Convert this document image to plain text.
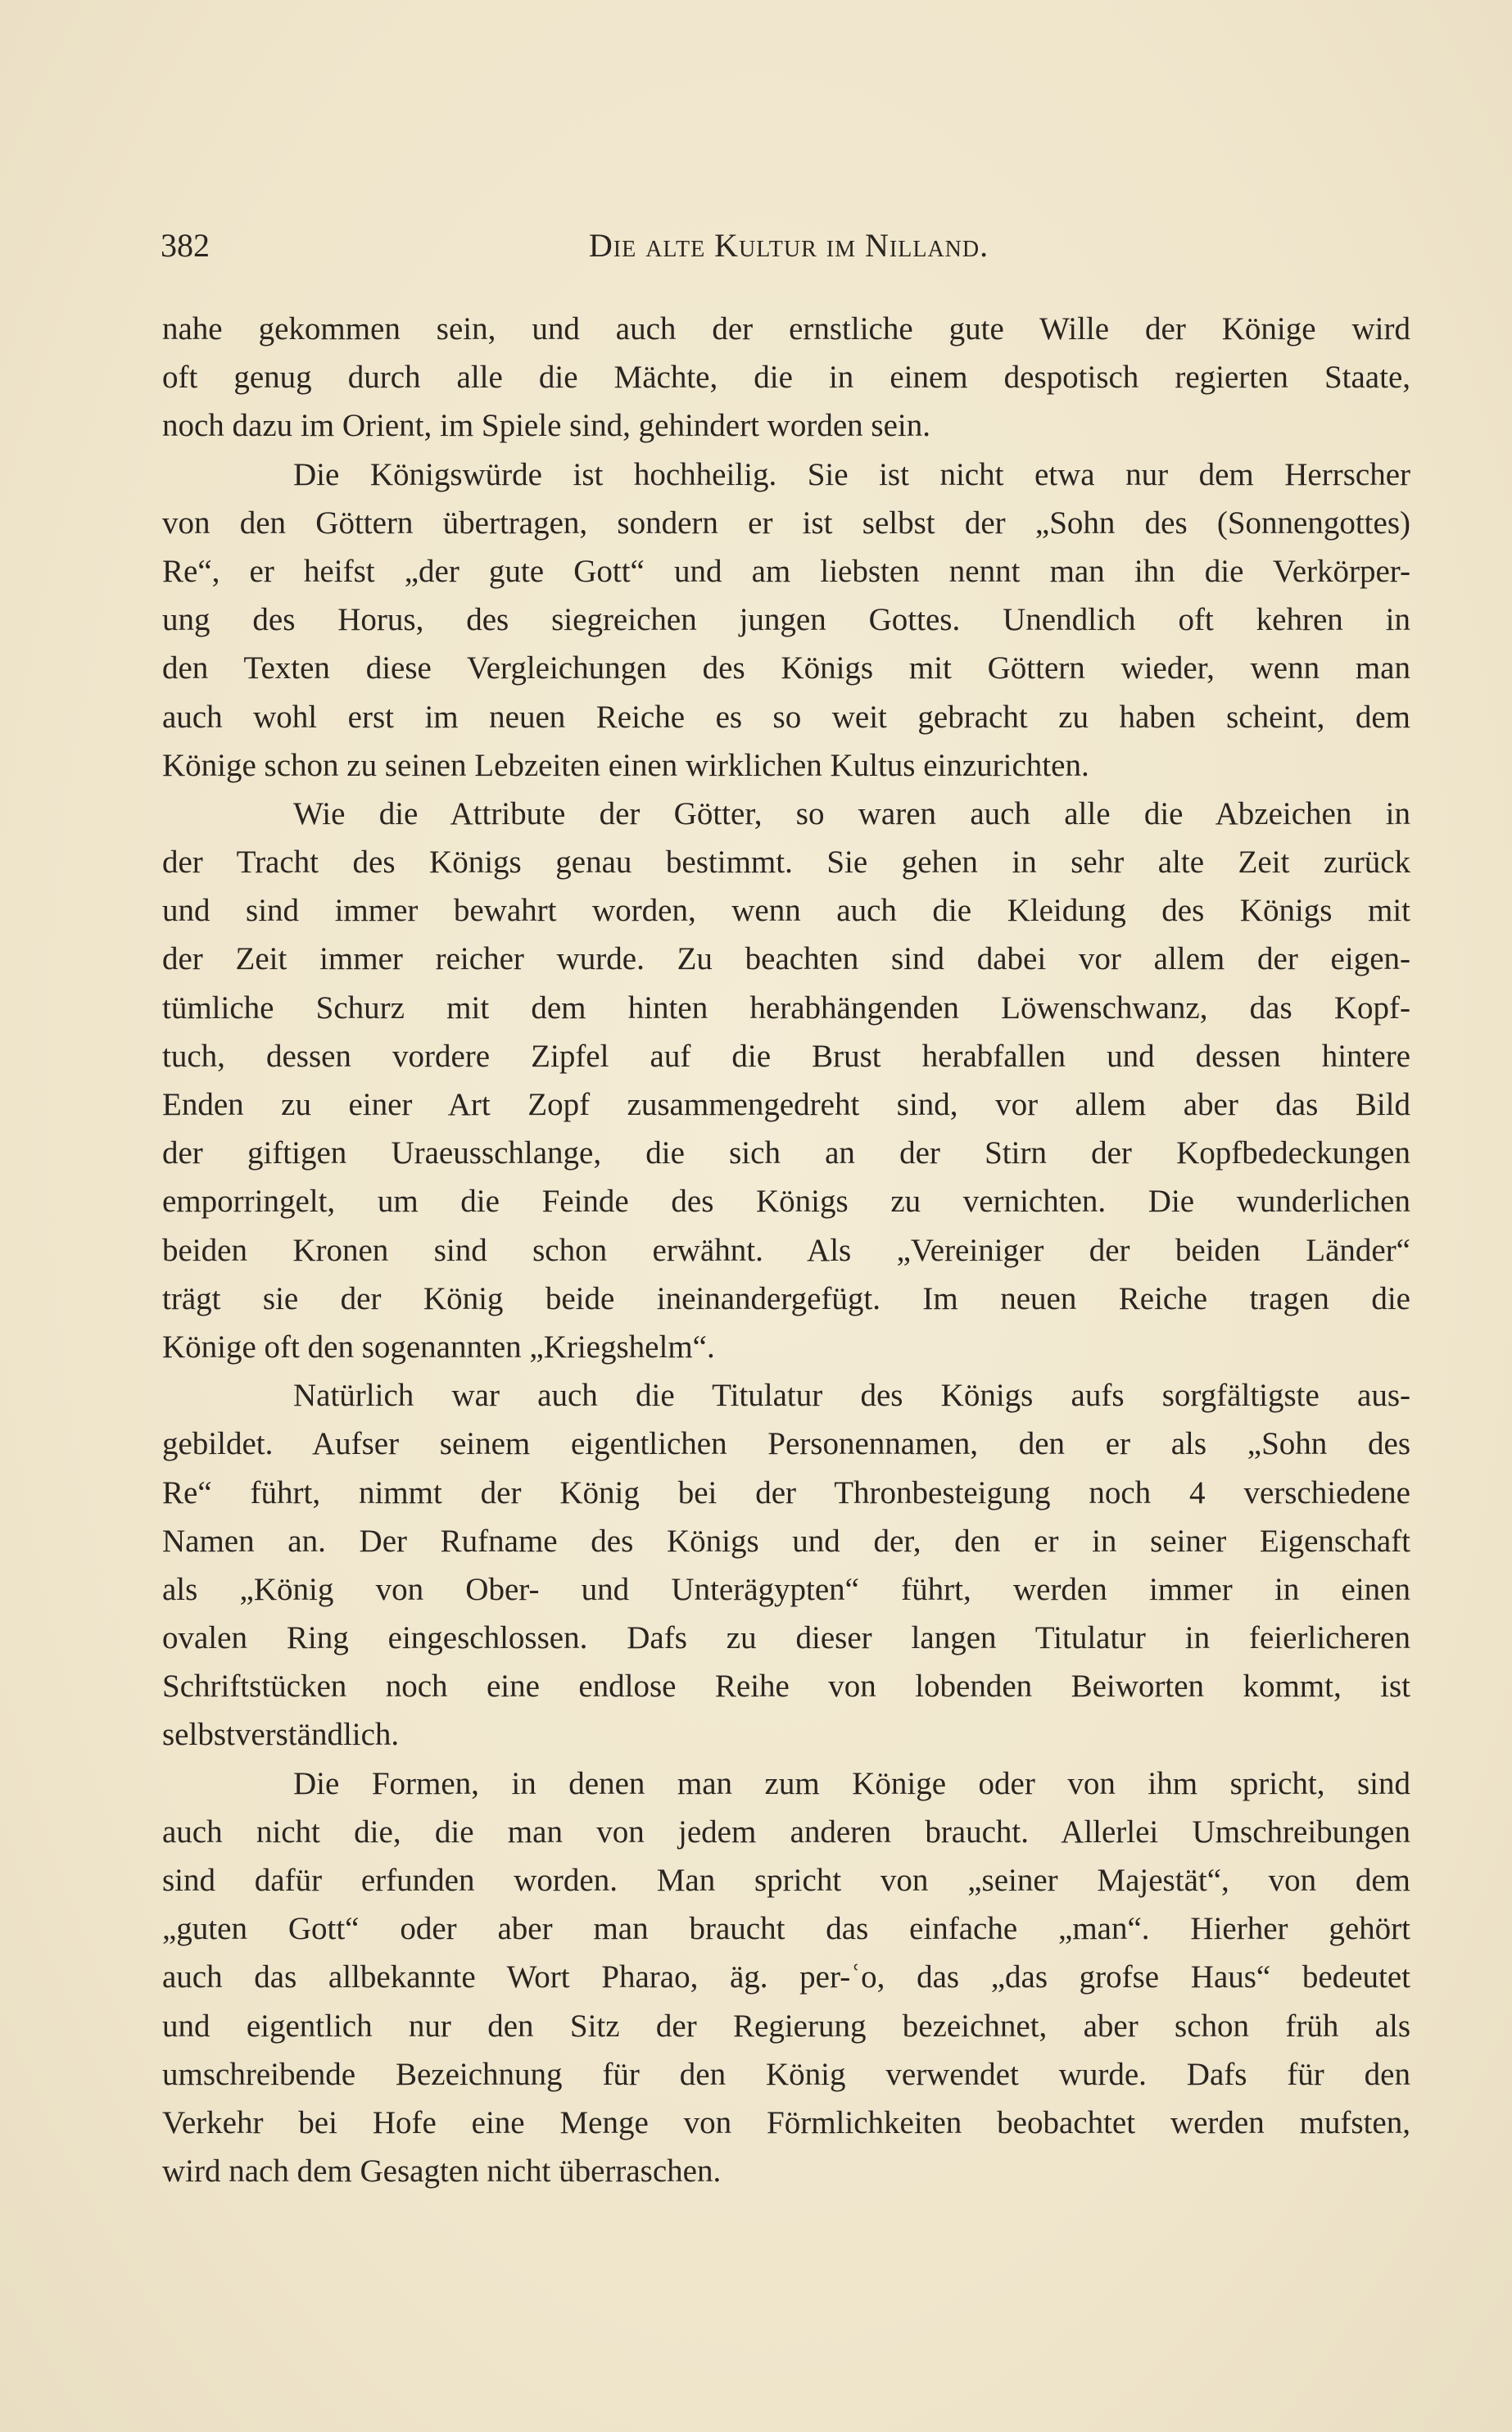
382	Die alte Kultur im Nilland.
nahe gekommen sein, und auch der ernstliche gute Wille der Könige wird
oft genug durch alle die Mächte, die in einem despotisch regierten Staate,
noch dazu im Orient, im Spiele sind, gehindert worden sein.
Die Königswürde ist hochheilig. Sie ist nicht etwa nur dem Herrscher
von den Göttern übertragen, sondern er ist selbst der „Sohn des (Sonnengottes)
Re“, er heifst „der gute Gott“ und am liebsten nennt man ihn die Verkörper-
ung des Horus, des siegreichen jungen Gottes. Unendlich oft kehren in
den Texten diese Vergleichungen des Königs mit Göttern wieder, wenn man
auch wohl erst im neuen Reiche es so weit gebracht zu haben scheint, dem
Könige schon zu seinen Lebzeiten einen wirklichen Kultus einzurichten.
Wie die Attribute der Götter, so waren auch alle die Abzeichen in
der Tracht des Königs genau bestimmt. Sie gehen in sehr alte Zeit zurück
und sind immer bewahrt worden, wenn auch die Kleidung des Königs mit
der Zeit immer reicher wurde. Zu beachten sind dabei vor allem der eigen-
tümliche Schurz mit dem hinten herabhängenden Löwenschwanz, das Kopf-
tuch, dessen vordere Zipfel auf die Brust herabfallen und dessen hintere
Enden zu einer Art Zopf zusammengedreht sind, vor allem aber das Bild
der giftigen Uraeusschlange, die sich an der Stirn der Kopfbedeckungen
emporringelt, um die Feinde des Königs zu vernichten. Die wunderlichen
beiden Kronen sind schon erwähnt. Als „Vereiniger der beiden Länder“
trägt sie der König beide ineinandergefügt. Im neuen Reiche tragen die
Könige oft den sogenannten „Kriegshelm“.
Natürlich war auch die Titulatur des Königs aufs sorgfältigste aus-
gebildet. Aufser seinem eigentlichen Personennamen, den er als „Sohn des
Re“ führt, nimmt der König bei der Thronbesteigung noch 4 verschiedene
Namen an. Der Rufname des Königs und der, den er in seiner Eigenschaft
als „König von Ober- und Unterägypten“ führt, werden immer in einen
ovalen Ring eingeschlossen. Dafs zu dieser langen Titulatur in feierlicheren
Schriftstücken noch eine endlose Reihe von lobenden Beiworten kommt, ist
selbstverständlich.
Die Formen, in denen man zum Könige oder von ihm spricht, sind
auch nicht die, die man von jedem anderen braucht. Allerlei Umschreibungen
sind dafür erfunden worden. Man spricht von „seiner Majestät“, von dem
„guten Gott“ oder aber man braucht das einfache „man“. Hierher gehört
auch das allbekannte Wort Pharao, äg. per-ʿo, das „das grofse Haus“ bedeutet
und eigentlich nur den Sitz der Regierung bezeichnet, aber schon früh als
umschreibende Bezeichnung für den König verwendet wurde. Dafs für den
Verkehr bei Hofe eine Menge von Förmlichkeiten beobachtet werden mufsten,
wird nach dem Gesagten nicht überraschen.
